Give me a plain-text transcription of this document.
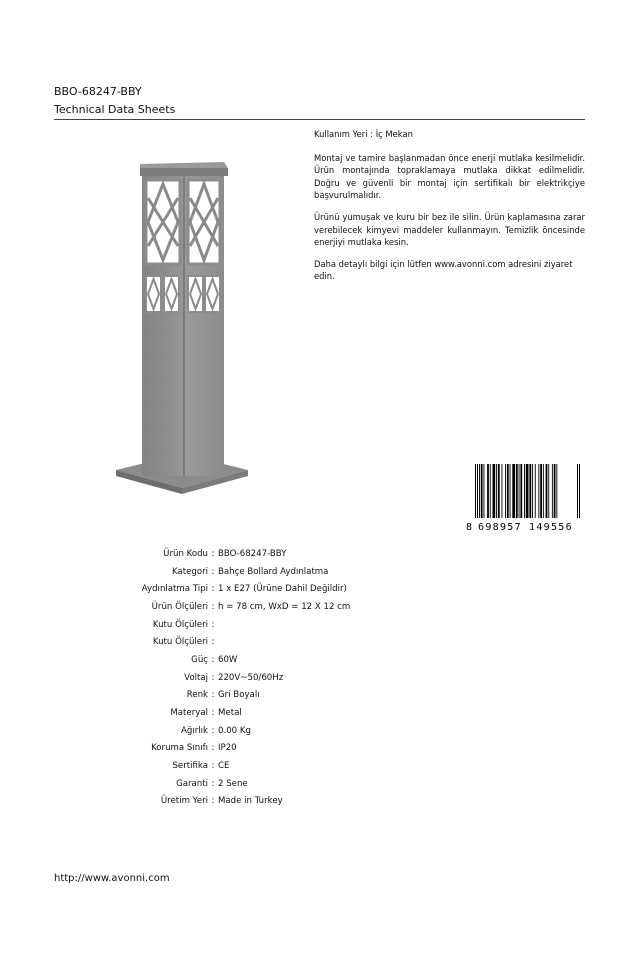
BBO-68247-BBY
Technical Data Sheets

Kullanım Yeri : İç Mekan

Montaj ve tamire başlanmadan önce enerji mutlaka kesilmelidir. Ürün montajında topraklamaya mutlaka dikkat edilmelidir. Doğru ve güvenli bir montaj için sertifikalı bir elektrikçiye başvurulmalıdır.

Ürünü yumuşak ve kuru bir bez ile silin. Ürün kaplamasına zarar verebilecek kimyevi maddeler kullanmayın. Temizlik öncesinde enerjiyi mutlaka kesin.

Daha detaylı bilgi için lütfen www.avonni.com adresini ziyaret edin.

8 698957 149556
Ürün Kodu : BBO-68247-BBY
Kategori : Bahçe Bollard Aydınlatma
Aydınlatma Tipi : 1 x E27 (Ürüne Dahil Değildir)
Ürün Ölçüleri : h = 78 cm, WxD = 12 X 12 cm
Kutu Ölçüleri :
Kutu Ölçüleri :
Güç : 60W
Voltaj : 220V~50/60Hz
Renk : Gri Boyalı
Materyal : Metal
Ağırlık : 0.00 Kg
Koruma Sınıfı : IP20
Sertifika : CE
Garanti : 2 Sene
Üretim Yeri : Made in Turkey
http://www.avonni.com
